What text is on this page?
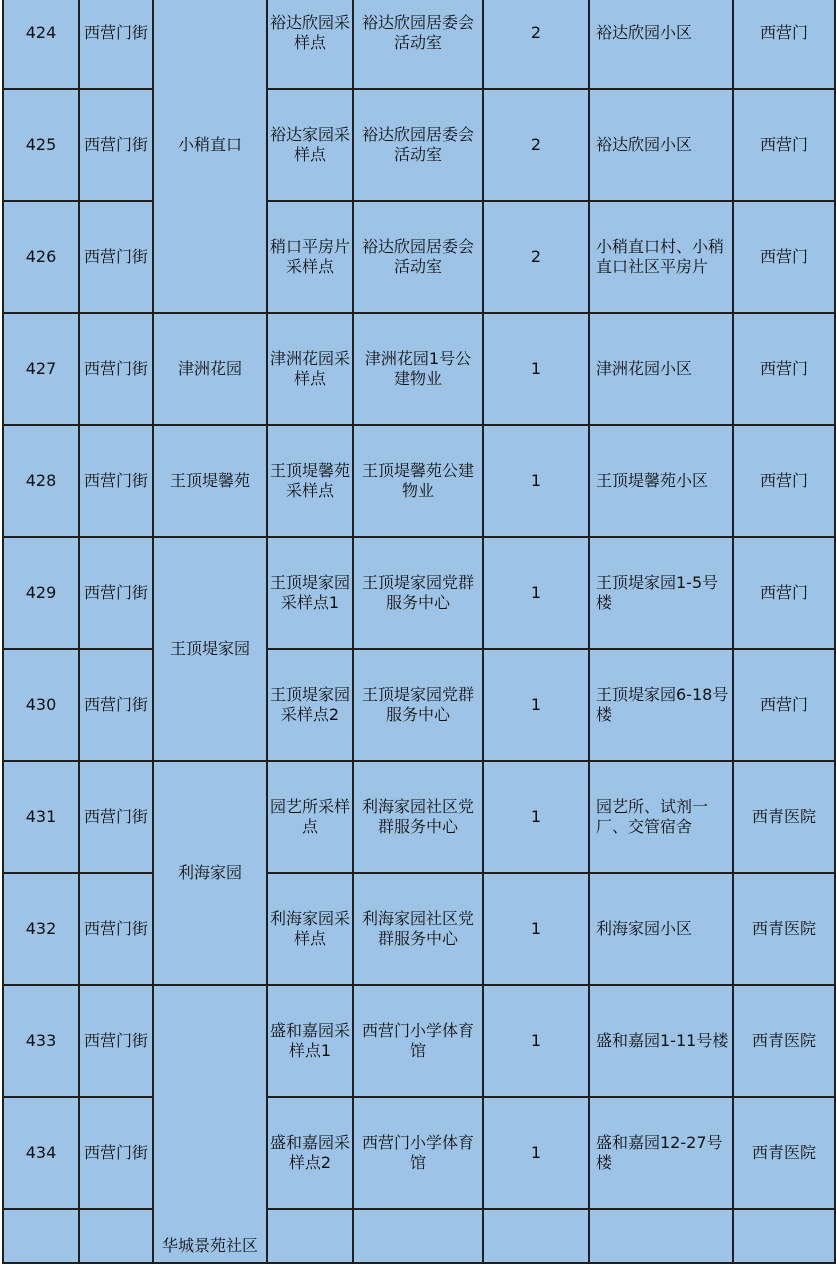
424	西营门街	小稍直口	裕达欣园采样点	裕达欣园居委会活动室	2	裕达欣园小区	西营门
425	西营门街		裕达家园采样点	裕达欣园居委会活动室	2	裕达欣园小区	西营门
426	西营门街		稍口平房片采样点	裕达欣园居委会活动室	2	小稍直口村、小稍直口社区平房片	西营门
427	西营门街	津洲花园	津洲花园采样点	津洲花园1号公建物业	1	津洲花园小区	西营门
428	西营门街	王顶堤馨苑	王顶堤馨苑采样点	王顶堤馨苑公建物业	1	王顶堤馨苑小区	西营门
429	西营门街	王顶堤家园	王顶堤家园采样点1	王顶堤家园党群服务中心	1	王顶堤家园1-5号楼	西营门
430	西营门街		王顶堤家园采样点2	王顶堤家园党群服务中心	1	王顶堤家园6-18号楼	西营门
431	西营门街	利海家园	园艺所采样点	利海家园社区党群服务中心	1	园艺所、试剂一厂、交管宿舍	西青医院
432	西营门街		利海家园采样点	利海家园社区党群服务中心	1	利海家园小区	西青医院
433	西营门街	华城景苑社区	盛和嘉园采样点1	西营门小学体育馆	1	盛和嘉园1-11号楼	西青医院
434	西营门街		盛和嘉园采样点2	西营门小学体育馆	1	盛和嘉园12-27号楼	西青医院
